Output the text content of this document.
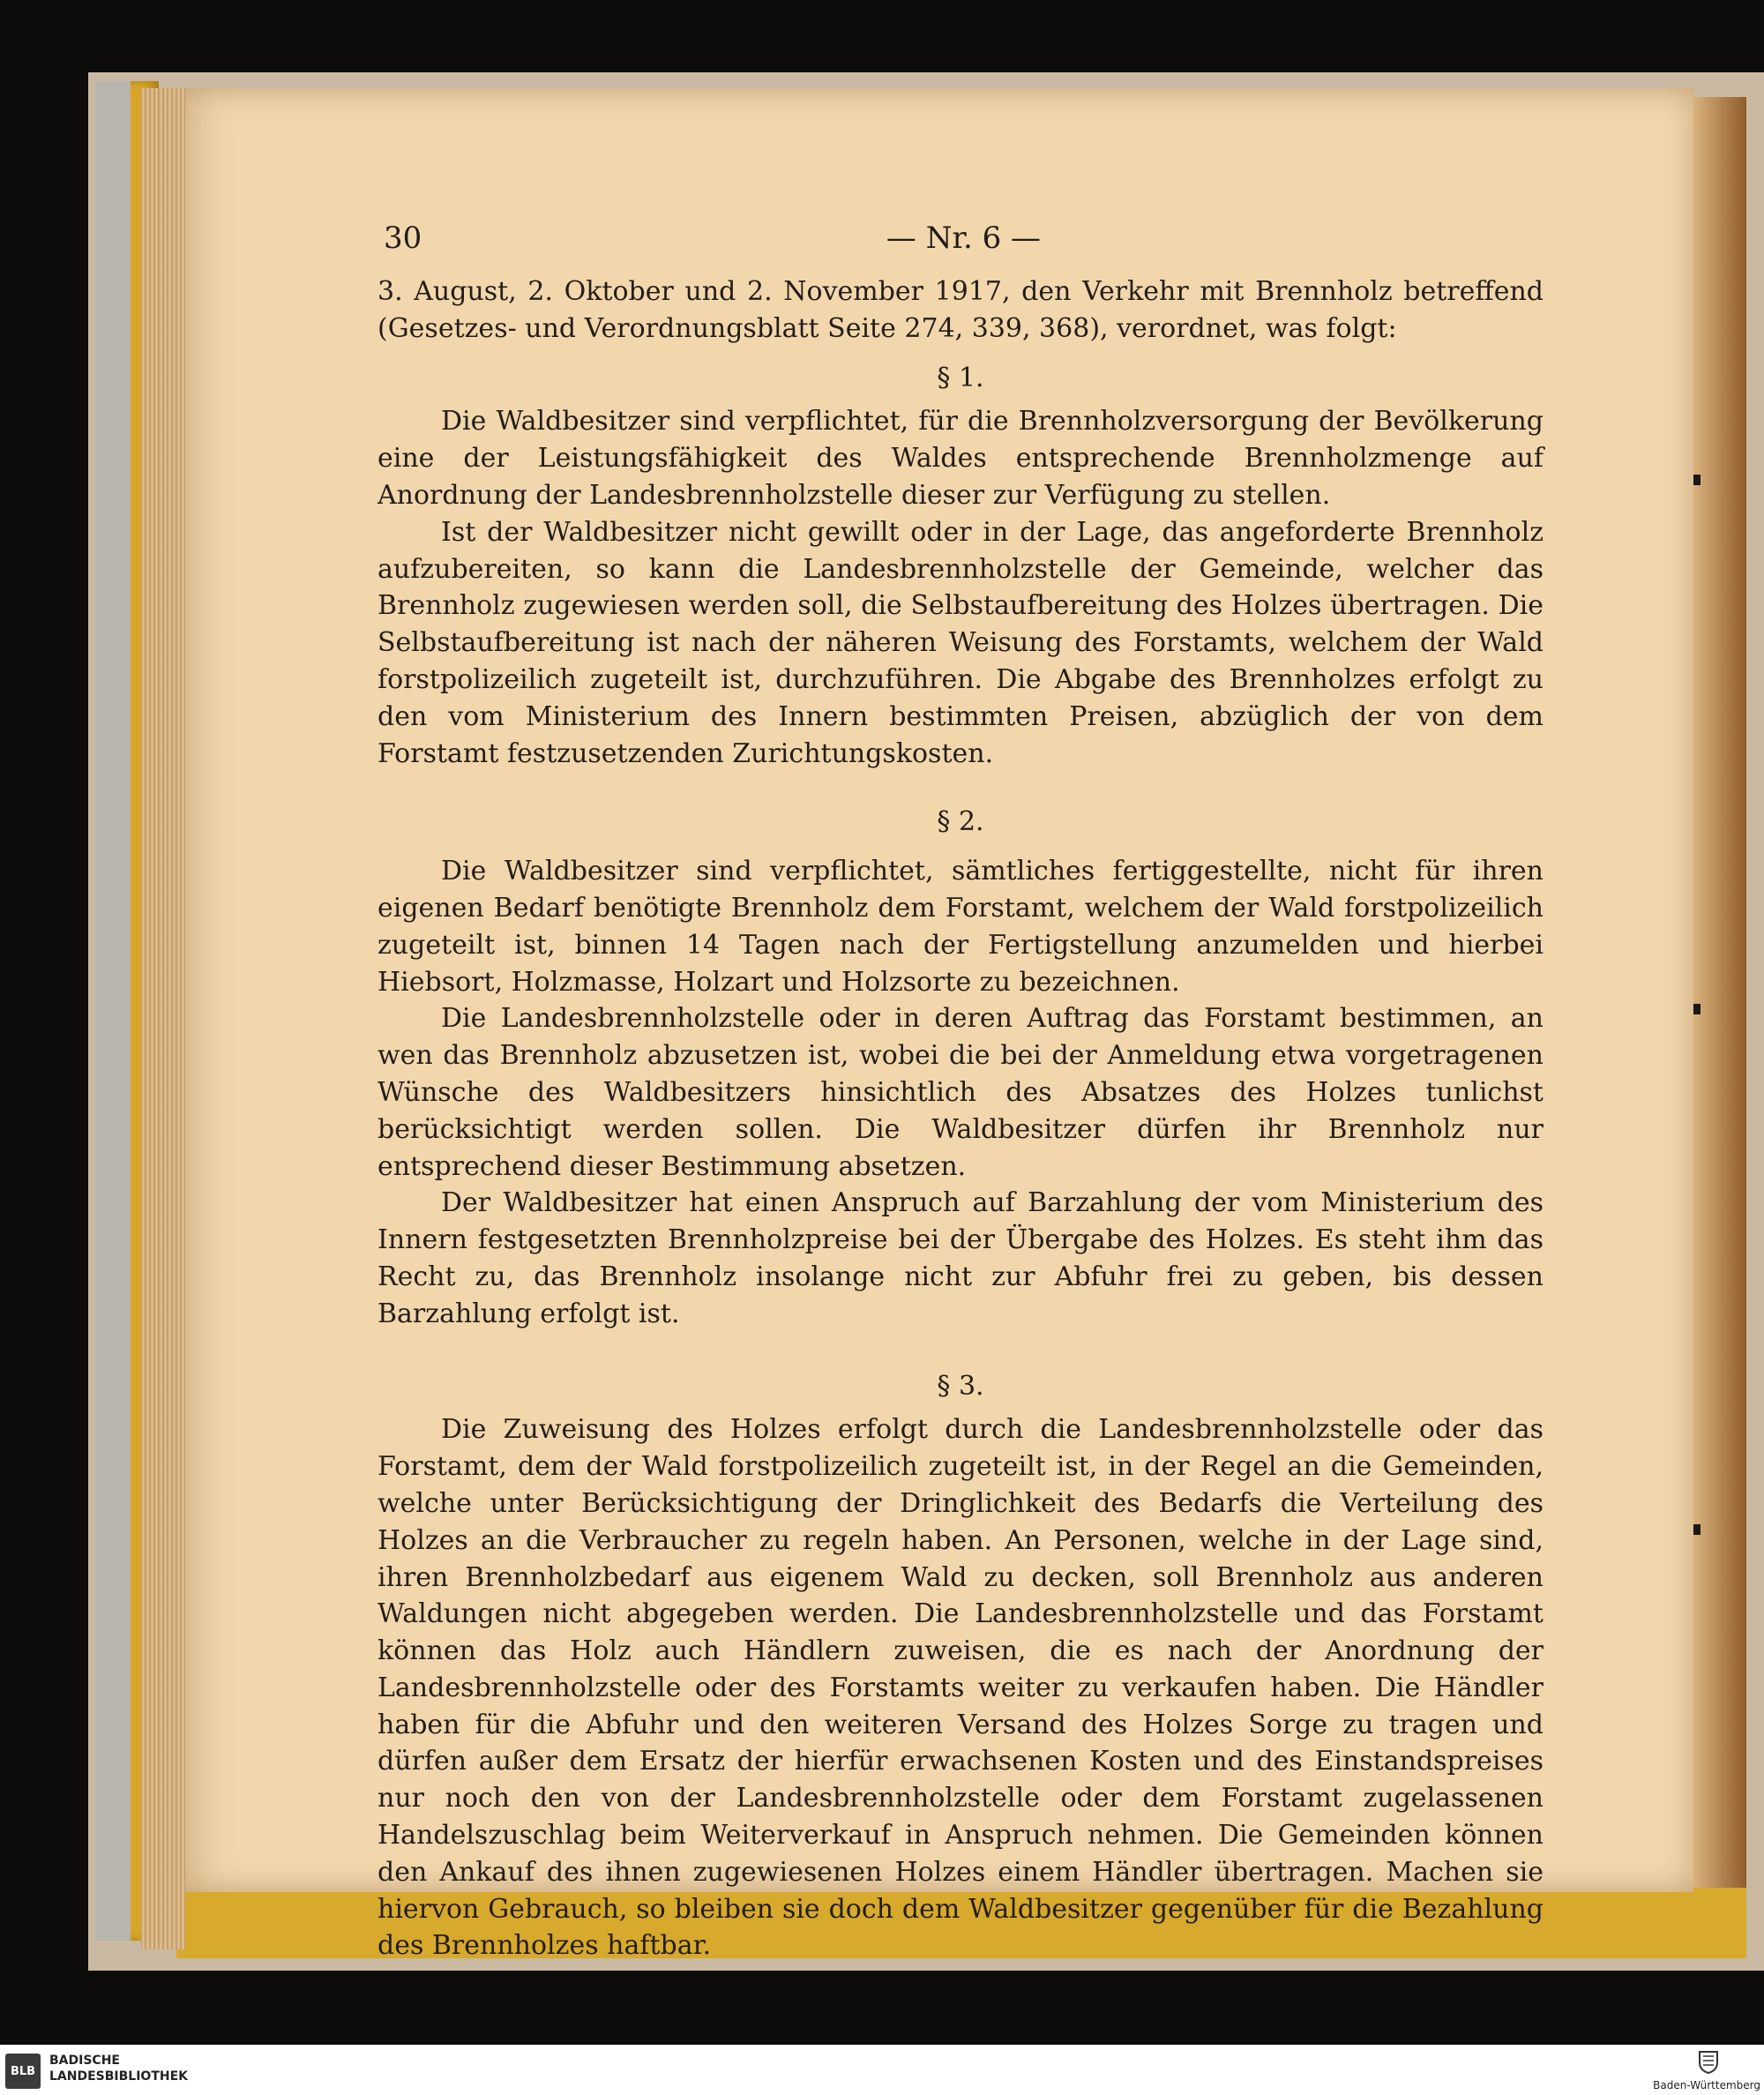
30	— Nr. 6 —

3. August, 2. Oktober und 2. November 1917, den Verkehr mit Brennholz betreffend (Gesetzes- und Verordnungsblatt Seite 274, 339, 368), verordnet, was folgt:

§ 1.

Die Waldbesitzer sind verpflichtet, für die Brennholzversorgung der Bevölkerung eine der Leistungsfähigkeit des Waldes entsprechende Brennholzmenge auf Anordnung der Landesbrennholzstelle dieser zur Verfügung zu stellen.

Ist der Waldbesitzer nicht gewillt oder in der Lage, das angeforderte Brennholz aufzubereiten, so kann die Landesbrennholzstelle der Gemeinde, welcher das Brennholz zugewiesen werden soll, die Selbstaufbereitung des Holzes übertragen. Die Selbstaufbereitung ist nach der näheren Weisung des Forstamts, welchem der Wald forstpolizeilich zugeteilt ist, durchzuführen. Die Abgabe des Brennholzes erfolgt zu den vom Ministerium des Innern bestimmten Preisen, abzüglich der von dem Forstamt festzusetzenden Zurichtungskosten.

§ 2.

Die Waldbesitzer sind verpflichtet, sämtliches fertiggestellte, nicht für ihren eigenen Bedarf benötigte Brennholz dem Forstamt, welchem der Wald forstpolizeilich zugeteilt ist, binnen 14 Tagen nach der Fertigstellung anzumelden und hierbei Hiebsort, Holzmasse, Holzart und Holzsorte zu bezeichnen.

Die Landesbrennholzstelle oder in deren Auftrag das Forstamt bestimmen, an wen das Brennholz abzusetzen ist, wobei die bei der Anmeldung etwa vorgetragenen Wünsche des Waldbesitzers hinsichtlich des Absatzes des Holzes tunlichst berücksichtigt werden sollen. Die Waldbesitzer dürfen ihr Brennholz nur entsprechend dieser Bestimmung absetzen.

Der Waldbesitzer hat einen Anspruch auf Barzahlung der vom Ministerium des Innern festgesetzten Brennholzpreise bei der Übergabe des Holzes. Es steht ihm das Recht zu, das Brennholz insolange nicht zur Abfuhr frei zu geben, bis dessen Barzahlung erfolgt ist.

§ 3.

Die Zuweisung des Holzes erfolgt durch die Landesbrennholzstelle oder das Forstamt, dem der Wald forstpolizeilich zugeteilt ist, in der Regel an die Gemeinden, welche unter Berücksichtigung der Dringlichkeit des Bedarfs die Verteilung des Holzes an die Verbraucher zu regeln haben. An Personen, welche in der Lage sind, ihren Brennholzbedarf aus eigenem Wald zu decken, soll Brennholz aus anderen Waldungen nicht abgegeben werden. Die Landesbrennholzstelle und das Forstamt können das Holz auch Händlern zuweisen, die es nach der Anordnung der Landesbrennholzstelle oder des Forstamts weiter zu verkaufen haben. Die Händler haben für die Abfuhr und den weiteren Versand des Holzes Sorge zu tragen und dürfen außer dem Ersatz der hierfür erwachsenen Kosten und des Einstandspreises nur noch den von der Landesbrennholzstelle oder dem Forstamt zugelassenen Handelszuschlag beim Weiterverkauf in Anspruch nehmen. Die Gemeinden können den Ankauf des ihnen zugewiesenen Holzes einem Händler übertragen. Machen sie hiervon Gebrauch, so bleiben sie doch dem Waldbesitzer gegenüber für die Bezahlung des Brennholzes haftbar.

BLB
BADISCHE
LANDESBIBLIOTHEK
Baden-Württemberg
